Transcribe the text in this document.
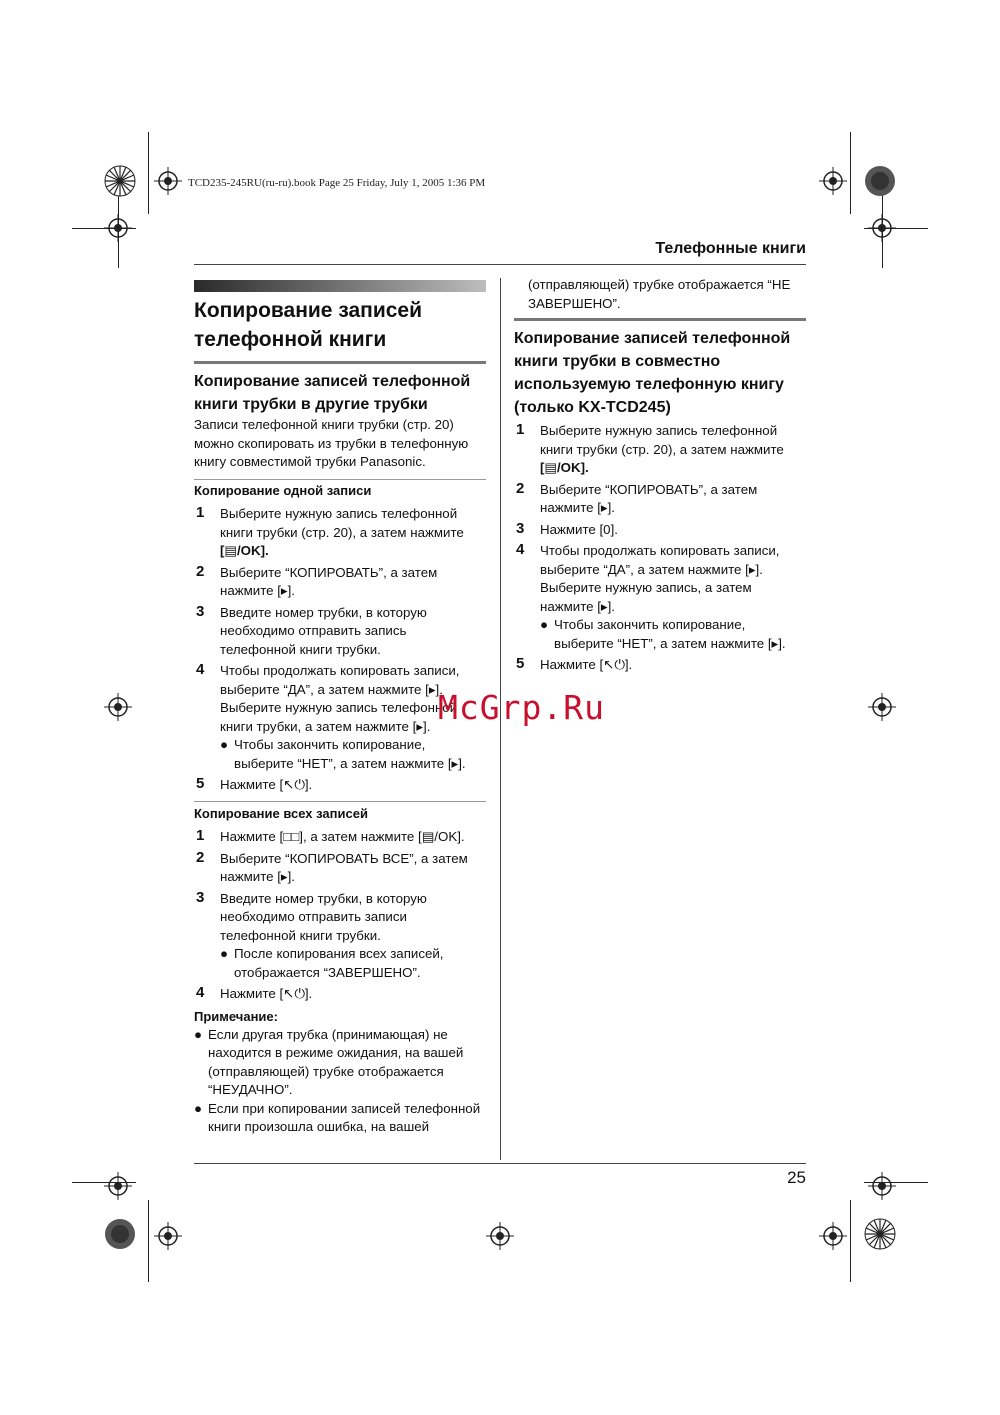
TCD235-245RU(ru-ru).book Page 25 Friday, July 1, 2005 1:36 PM
Телефонные книги
Копирование записей
телефонной книги
Копирование записей телефонной
книги трубки в другие трубки
Записи телефонной книги трубки (стр. 20)
можно скопировать из трубки в телефонную
книгу совместимой трубки Panasonic.
Копирование одной записи
1 Выберите нужную запись телефонной
книги трубки (стр. 20), а затем нажмите
[▤/OK].
2 Выберите “КОПИРОВАТЬ”, а затем
нажмите [▸].
3 Введите номер трубки, в которую
необходимо отправить запись
телефонной книги трубки.
4 Чтобы продолжать копировать записи,
выберите “ДА”, а затем нажмите [▸].
Выберите нужную запись телефонной
книги трубки, а затем нажмите [▸].
● Чтобы закончить копирование,
выберите “НЕТ”, а затем нажмите [▸].
5 Нажмите [↖⏻].
Копирование всех записей
1 Нажмите [□□], а затем нажмите [▤/OK].
2 Выберите “КОПИРОВАТЬ ВСЕ”, а затем
нажмите [▸].
3 Введите номер трубки, в которую
необходимо отправить записи
телефонной книги трубки.
● После копирования всех записей,
отображается “ЗАВЕРШЕНО”.
4 Нажмите [↖⏻].
Примечание:
● Если другая трубка (принимающая) не
находится в режиме ожидания, на вашей
(отправляющей) трубке отображается
“НЕУДАЧНО”.
● Если при копировании записей телефонной
книги произошла ошибка, на вашей
(отправляющей) трубке отображается “НЕ
ЗАВЕРШЕНО”.
Копирование записей телефонной
книги трубки в совместно
используемую телефонную книгу
(только KX-TCD245)
1 Выберите нужную запись телефонной
книги трубки (стр. 20), а затем нажмите
[▤/OK].
2 Выберите “КОПИРОВАТЬ”, а затем
нажмите [▸].
3 Нажмите [0].
4 Чтобы продолжать копировать записи,
выберите “ДА”, а затем нажмите [▸].
Выберите нужную запись, а затем
нажмите [▸].
● Чтобы закончить копирование,
выберите “НЕТ”, а затем нажмите [▸].
5 Нажмите [↖⏻].
McGrp.Ru
25
